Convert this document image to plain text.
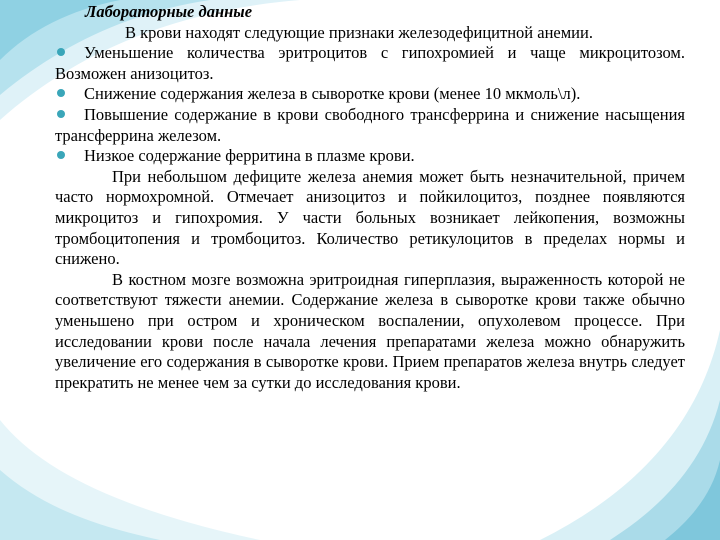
Лабораторные данные

В крови находят следующие признаки железодефицитной анемии.

Уменьшение количества эритроцитов с гипохромией и чаще микроцитозом. Возможен анизоцитоз.

Снижение содержания железа в сыворотке крови (менее 10 мкмоль\л).

Повышение содержание в крови свободного трансферрина и снижение насыщения трансферрина железом.

Низкое содержание ферритина в плазме крови.

При небольшом дефиците железа анемия может быть незначительной, причем часто нормохромной. Отмечает анизоцитоз и пойкилоцитоз, позднее появляются микроцитоз и гипохромия. У части больных возникает лейкопения, возможны тромбоцитопения и тромбоцитоз. Количество ретикулоцитов в пределах нормы и снижено.

В костном мозге возможна эритроидная гиперплазия, выраженность которой не соответствуют тяжести анемии. Содержание железа в сыворотке крови также обычно уменьшено при остром и хроническом воспалении, опухолевом процессе. При исследовании крови после начала лечения препаратами железа можно обнаружить увеличение его содержания в сыворотке крови. Прием препаратов железа внутрь следует прекратить не менее чем за сутки до исследования крови.
